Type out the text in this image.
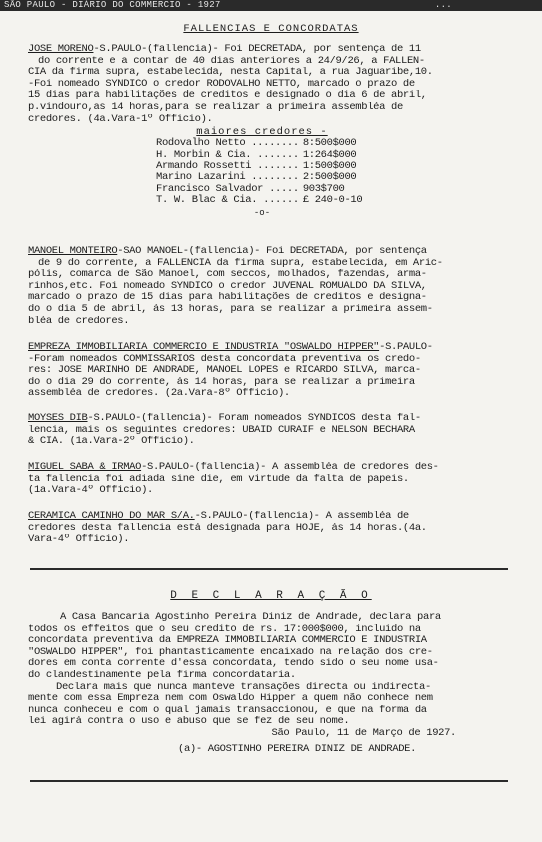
SÃO PAULO - DIÁRIO DO COMMERCIO - 1927	...
FALLENCIAS E CONCORDATAS
JOSÉ MORENO-S.PAULO-(fallencia)- Foi DECRETADA, por sentença de 11
do corrente e a contar de 40 dias anteriores a 24/9/26, a FALLEN-
CIA da firma supra, estabelecida, nesta Capital, a rua Jaguaribe,10.
-Foi nomeado SYNDICO o credor RODOVALHO NETTO, marcado o prazo de
15 dias para habilitações de creditos e designado o dia 6 de abril,
p.vindouro,as 14 horas,para se realizar a primeira assembléa de
credores. (4a.Vara-1º Officio).
maiores credores -
Rodovalho Netto ........	8:500$000
H. Morbin & Cia. .......	1:264$000
Armando Rossetti .......	1:500$000
Marino Lazarini ........	2:500$000
Francisco Salvador .....	903$700
T. W. Blac & Cia. ......	£ 240-0-10
-o-
MANOEL MONTEIRO-SÃO MANOEL-(fallencia)- Foi DECRETADA, por sentença
de 9 do corrente, a FALLENCIA da firma supra, estabelecida, em Aric-
pólis, comarca de São Manoel, com seccos, molhados, fazendas, arma-
rinhos,etc. Foi nomeado SYNDICO o credor JUVENAL ROMUALDO DA SILVA,
marcado o prazo de 15 dias para habilitações de creditos e designa-
do o dia 5 de abril, ás 13 horas, para se realizar a primeira assem-
bléa de credores.
EMPREZA IMMOBILIARIA COMMERCIO E INDUSTRIA "OSWALDO HIPPER"-S.PAULO-
-Foram nomeados COMMISSARIOS desta concordata preventiva os credo-
res: JOSÉ MARINHO DE ANDRADE, MANOEL LOPES e RICARDO SILVA, marca-
do o dia 29 do corrente, ás 14 horas, para se realizar a primeira
assembléa de credores. (2a.Vara-8º Officio).
MOYSÉS DIB-S.PAULO-(fallencia)- Foram nomeados SYNDICOS desta fal-
lencia, mais os seguintes credores: UBAID CURAIF e NELSON BECHARA
& CIA. (1a.Vara-2º Officio).
MIGUEL SABA & IRMÃO-S.PAULO-(fallencia)- A assembléa de credores des-
ta fallencia foi adiada sine die, em virtude da falta de papeis.
(1a.Vara-4º Officio).
CERAMICA CAMINHO DO MAR S/A.-S.PAULO-(fallencia)- A assembléa de
credores desta fallencia está designada para HOJE, ás 14 horas.(4a.
Vara-4º Officio).
D E C L A R A Ç Ã O
A Casa Bancaria Agostinho Pereira Diniz de Andrade, declara para
todos os effeitos que o seu credito de rs. 17:000$000, incluido na
concordata preventiva da EMPREZA IMMOBILIARIA COMMERCIO E INDUSTRIA
"OSWALDO HIPPER", foi phantasticamente encaixado na relação dos cre-
dores em conta corrente d'essa concordata, tendo sido o seu nome usa-
do clandestinamente pela firma concordataria.
Declara mais que nunca manteve transações directa ou indirecta-
mente com essa Empreza nem com Oswaldo Hipper a quem não conhece nem
nunca conheceu e com o qual jamais transaccionou, e que na forma da
lei agirá contra o uso e abuso que se fez de seu nome.
São Paulo, 11 de Março de 1927.
(a)- AGOSTINHO PEREIRA DINIZ DE ANDRADE.
